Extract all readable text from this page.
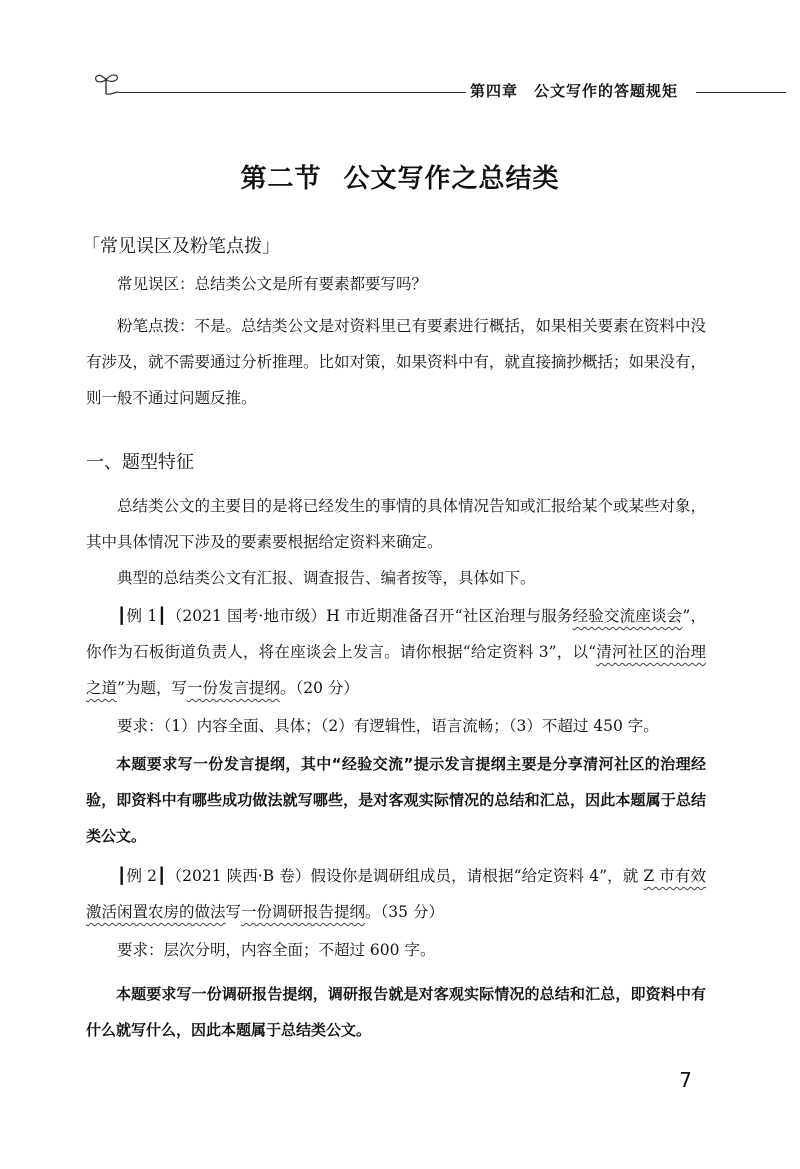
第四章 公文写作的答题规矩
第二节 公文写作之总结类
「常见误区及粉笔点拨」
常见误区：总结类公文是所有要素都要写吗？
粉笔点拨：不是。总结类公文是对资料里已有要素进行概括，如果相关要素在资料中没有涉及，就不需要通过分析推理。比如对策，如果资料中有，就直接摘抄概括；如果没有，则一般不通过问题反推。
一、题型特征
总结类公文的主要目的是将已经发生的事情的具体情况告知或汇报给某个或某些对象，其中具体情况下涉及的要素要根据给定资料来确定。
典型的总结类公文有汇报、调查报告、编者按等，具体如下。
┃例 1┃（2021 国考·地市级）H 市近期准备召开“社区治理与服务经验交流座谈会”，你作为石板街道负责人，将在座谈会上发言。请你根据“给定资料 3”，以“清河社区的治理之道”为题，写一份发言提纲。（20 分）
要求：（1）内容全面、具体；（2）有逻辑性，语言流畅；（3）不超过 450 字。
本题要求写一份发言提纲，其中“经验交流”提示发言提纲主要是分享清河社区的治理经验，即资料中有哪些成功做法就写哪些，是对客观实际情况的总结和汇总，因此本题属于总结类公文。
┃例 2┃（2021 陕西·B 卷）假设你是调研组成员，请根据“给定资料 4”，就 Z 市有效激活闲置农房的做法写一份调研报告提纲。（35 分）
要求：层次分明，内容全面；不超过 600 字。
本题要求写一份调研报告提纲，调研报告就是对客观实际情况的总结和汇总，即资料中有什么就写什么，因此本题属于总结类公文。
7
